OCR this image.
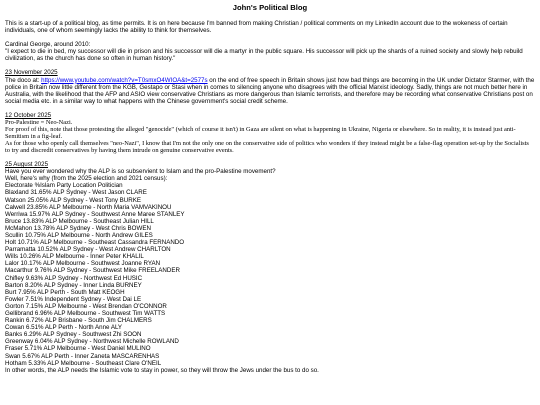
John's Political Blog

This is a start-up of a political blog, as time permits. It is on here because I'm banned from making Christian / political comments on my LinkedIn account due to the wokeness of certain individuals, one of whom seemingly lacks the ability to think for themselves.

Cardinal George, around 2010:

"I expect to die in bed, my successor will die in prison and his successor will die a martyr in the public square. His successor will pick up the shards of a ruined society and slowly help rebuild civilization, as the church has done so often in human history."

23 November 2025

The doco at: https://www.youtube.com/watch?v=T0smxO4WIOA&t=2577s on the end of free speech in Britain shows just how bad things are becoming in the UK under Dictator Starmer, with the police in Britain now little different from the KGB, Gestapo or Stasi when in comes to silencing anyone who disagrees with the official Marxist ideology. Sadly, things are not much better here in Australia, with the likelihood that the AFP and ASIO view conservative Christians as more dangerous than Islamic terrorists, and therefore may be recording what conservative Christians post on social media etc. in a similar way to what happens with the Chinese government's social credit scheme.

12 October 2025

Pro-Palestine = Neo-Nazi.

For proof of this, note that those protesting the alleged "genocide" (which of course it isn't) in Gaza are silent on what is happening in Ukraine, Nigeria or elsewhere. So in reality, it is instead just anti-Semitism in a fig-leaf.

As for those who openly call themselves "neo-Nazi", I know that I'm not the only one on the conservative side of politics who wonders if they instead might be a false-flag operation set-up by the Socialists to try and discredit conservatives by having them intrude on genuine conservative events.

25 August 2025

Have you ever wondered why the ALP is so subservient to Islam and the pro-Palestine movement?

Well, here's why (from the 2025 election and 2021 census):

Electorate %Islam Party Location Politician
Blaxland 31.65% ALP Sydney - West Jason CLARE
Watson 25.05% ALP Sydney - West Tony BURKE
Calwell 23.85% ALP Melbourne - North Maria VAMVAKINOU
Werriwa 15.97% ALP Sydney - Southwest Anne Maree STANLEY
Bruce 13.83% ALP Melbourne - Southeast Julian HILL
McMahon 13.78% ALP Sydney - West Chris BOWEN
Scullin 10.75% ALP Melbourne - North Andrew GILES
Holt 10.71% ALP Melbourne - Southeast Cassandra FERNANDO
Parramatta 10.52% ALP Sydney - West Andrew CHARLTON
Wills 10.26% ALP Melbourne - Inner Peter KHALIL
Lalor 10.17% ALP Melbourne - Southwest Joanne RYAN
Macarthur 9.76% ALP Sydney - Southwest Mike FREELANDER
Chifley 9.63% ALP Sydney - Northwest Ed HUSIC
Barton 8.20% ALP Sydney - Inner Linda BURNEY
Burt 7.95% ALP Perth - South Matt KEOGH
Fowler 7.51% Independent Sydney - West Dai LE
Gorton 7.15% ALP Melbourne - West Brendan O'CONNOR
Gellibrand 6.96% ALP Melbourne - Southwest Tim WATTS
Rankin 6.72% ALP Brisbane - South Jim CHALMERS
Cowan 6.51% ALP Perth - North Anne ALY
Banks 6.29% ALP Sydney - Southwest Zhi SOON
Greenway 6.04% ALP Sydney - Northwest Michelle ROWLAND
Fraser 5.71% ALP Melbourne - West Daniel MULINO
Swan 5.67% ALP Perth - Inner Zaneta MASCARENHAS
Hotham 5.33% ALP Melbourne - Southeast Clare O'NEIL

In other words, the ALP needs the Islamic vote to stay in power, so they will throw the Jews under the bus to do so.
